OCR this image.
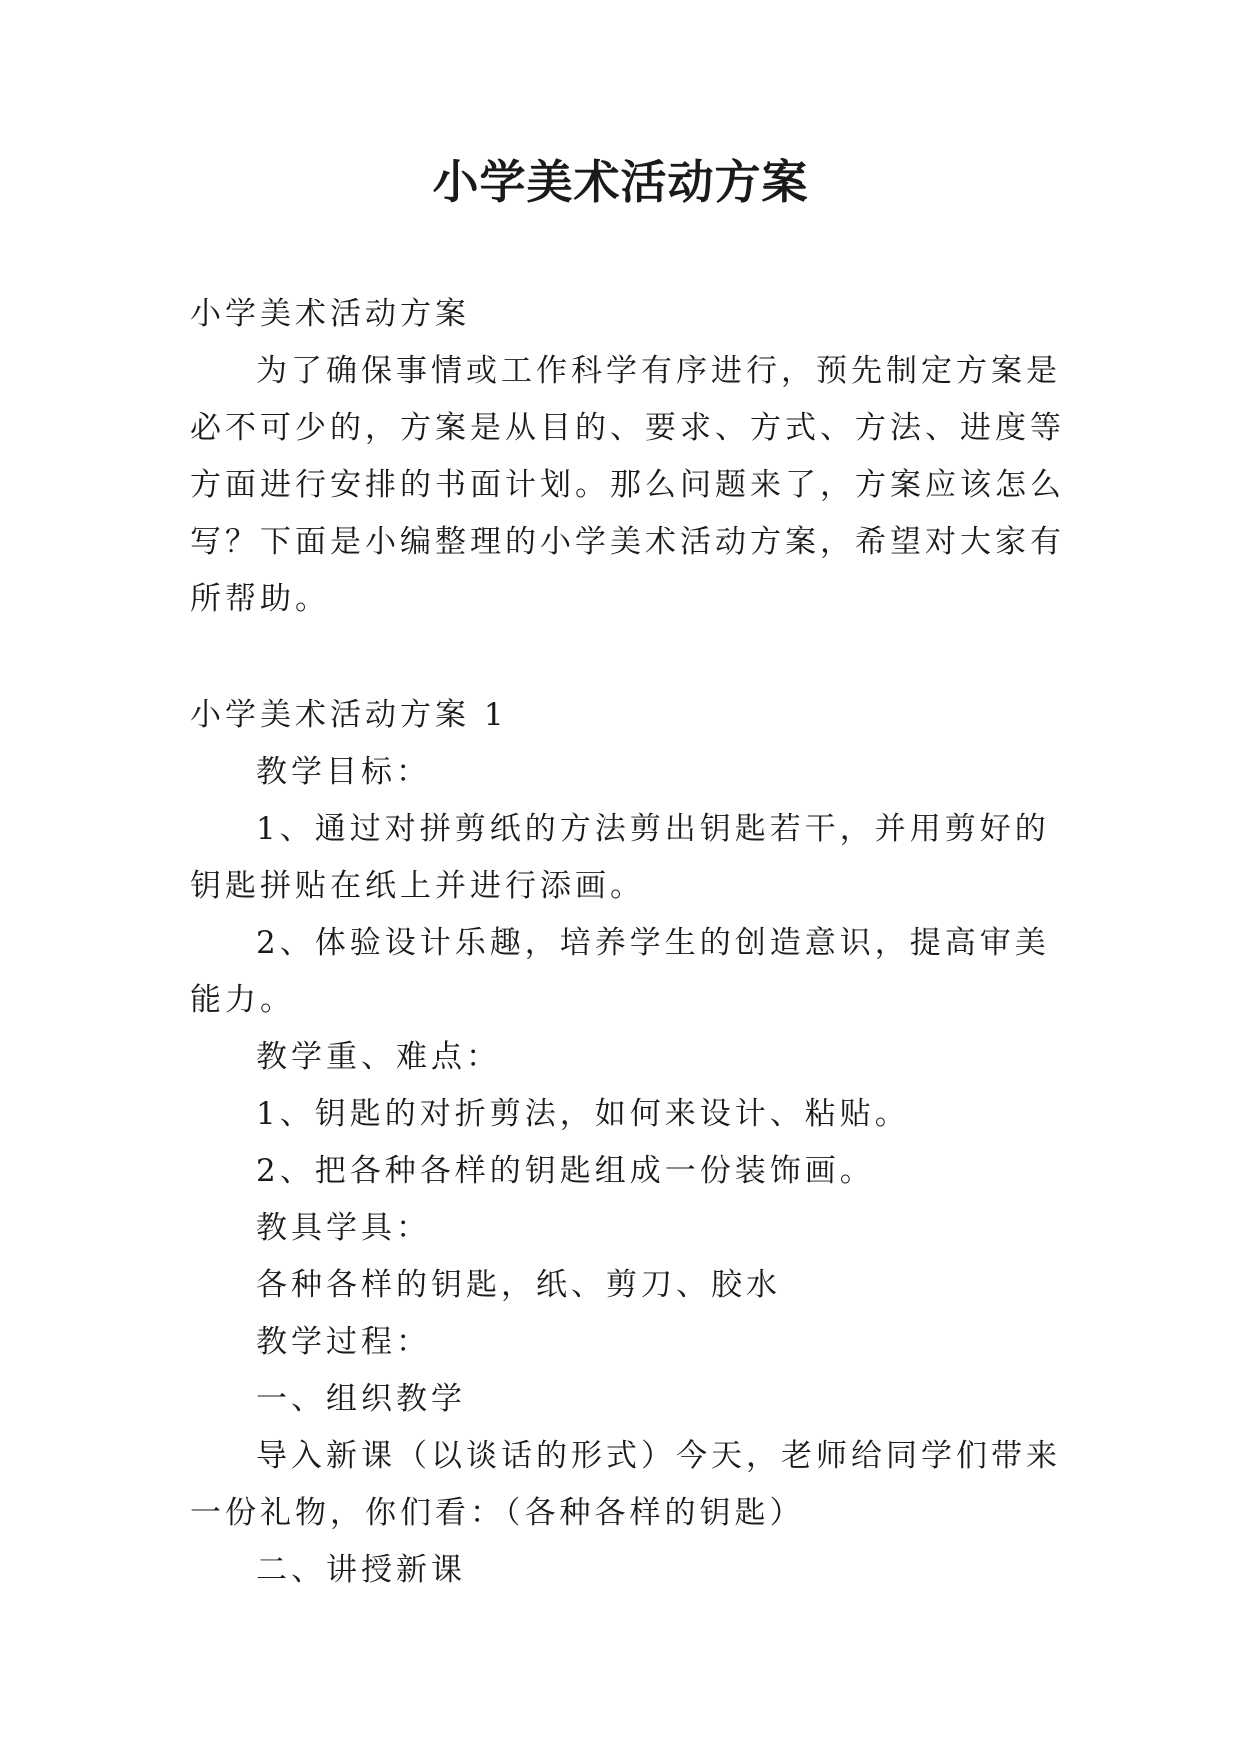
小学美术活动方案

小学美术活动方案

为了确保事情或工作科学有序进行，预先制定方案是必不可少的，方案是从目的、要求、方式、方法、进度等方面进行安排的书面计划。那么问题来了，方案应该怎么写？下面是小编整理的小学美术活动方案，希望对大家有所帮助。

小学美术活动方案 1

教学目标：

1、通过对拼剪纸的方法剪出钥匙若干，并用剪好的钥匙拼贴在纸上并进行添画。

2、体验设计乐趣，培养学生的创造意识，提高审美能力。

教学重、难点：

1、钥匙的对折剪法，如何来设计、粘贴。

2、把各种各样的钥匙组成一份装饰画。

教具学具：

各种各样的钥匙，纸、剪刀、胶水

教学过程：

一、组织教学

导入新课（以谈话的形式）今天，老师给同学们带来一份礼物，你们看：（各种各样的钥匙）

二、讲授新课
